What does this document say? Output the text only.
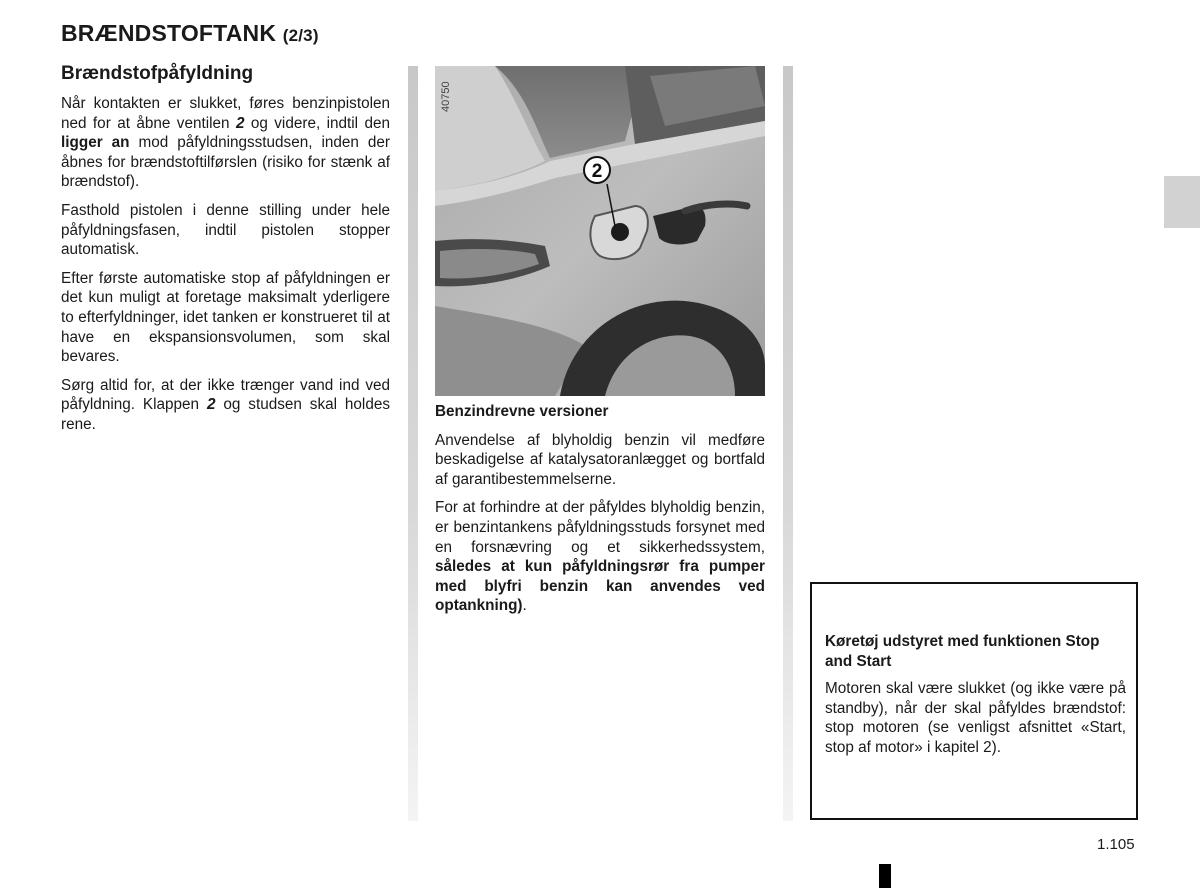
BRÆNDSTOFTANK (2/3)
Brændstofpåfyldning

Når kontakten er slukket, føres benzinpistolen ned for at åbne ventilen 2 og videre, indtil den ligger an mod påfyldningsstudsen, inden der åbnes for brændstoftilførslen (risiko for stænk af brændstof).

Fasthold pistolen i denne stilling under hele påfyldningsfasen, indtil pistolen stopper automatisk.

Efter første automatiske stop af påfyldningen er det kun muligt at foretage maksimalt yderligere to efterfyldninger, idet tanken er konstrueret til at have en ekspansionsvolumen, som skal bevares.

Sørg altid for, at der ikke trænger vand ind ved påfyldning. Klappen 2 og studsen skal holdes rene.

2
40750
Benzindrevne versioner

Anvendelse af blyholdig benzin vil medføre beskadigelse af katalysatoranlægget og bortfald af garantibestemmelserne.

For at forhindre at der påfyldes blyholdig benzin, er benzintankens påfyldningsstuds forsynet med en forsnævring og et sikkerhedssystem, således at kun påfyldningsrør fra pumper med blyfri benzin kan anvendes ved optankning).

Køretøj udstyret med funktionen Stop and Start

Motoren skal være slukket (og ikke være på standby), når der skal påfyldes brændstof: stop motoren (se venligst afsnittet «Start, stop af motor» i kapitel 2).

1.105
